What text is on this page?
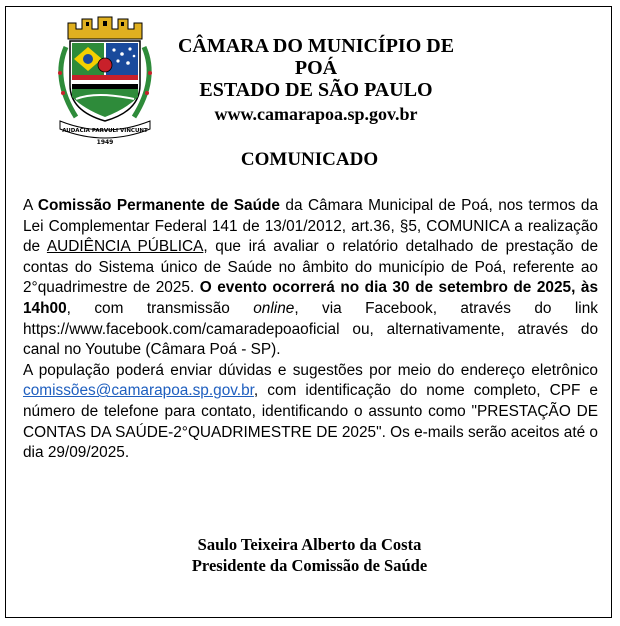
AUDACIA PARVULI VINCUNT
1949
CÂMARA DO MUNICÍPIO DE POÁ
ESTADO DE SÃO PAULO
www.camarapoa.sp.gov.br
COMUNICADO

A Comissão Permanente de Saúde da Câmara Municipal de Poá, nos termos da Lei Complementar Federal 141 de 13/01/2012, art.36, §5, COMUNICA a realização de AUDIÊNCIA PÚBLICA, que irá avaliar o relatório detalhado de prestação de contas do Sistema único de Saúde no âmbito do município de Poá, referente ao 2°quadrimestre de 2025. O evento ocorrerá no dia 30 de setembro de 2025, às 14h00, com transmissão online, via Facebook, através do link https://www.facebook.com/camaradepoaoficial ou, alternativamente, através do canal no Youtube (Câmara Poá - SP).

A população poderá enviar dúvidas e sugestões por meio do endereço eletrônico comissões@camarapoa.sp.gov.br, com identificação do nome completo, CPF e número de telefone para contato, identificando o assunto como "PRESTAÇÃO DE CONTAS DA SAÚDE-2°QUADRIMESTRE DE 2025". Os e-mails serão aceitos até o dia 29/09/2025.

Saulo Teixeira Alberto da Costa
Presidente da Comissão de Saúde
